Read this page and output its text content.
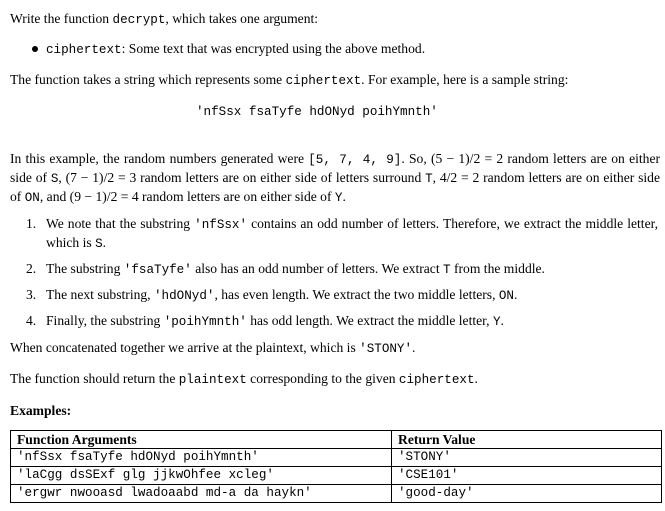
Write the function decrypt, which takes one argument:

ciphertext: Some text that was encrypted using the above method.

The function takes a string which represents some ciphertext. For example, here is a sample string:

'nfSsx fsaTyfe hdONyd poihYmnth'

In this example, the random numbers generated were [5, 7, 4, 9]. So, (5 − 1)/2 = 2 random letters are on either side of S, (7 − 1)/2 = 3 random letters are on either side of letters surround T, 4/2 = 2 random letters are on either side of ON, and (9 − 1)/2 = 4 random letters are on either side of Y.

1. We note that the substring 'nfSsx' contains an odd number of letters. Therefore, we extract the middle letter, which is S.
2. The substring 'fsaTyfe' also has an odd number of letters. We extract T from the middle.
3. The next substring, 'hdONyd', has even length. We extract the two middle letters, ON.
4. Finally, the substring 'poihYmnth' has odd length. We extract the middle letter, Y.

When concatenated together we arrive at the plaintext, which is 'STONY'.

The function should return the plaintext corresponding to the given ciphertext.

Examples:

Function Arguments	Return Value
'nfSsx fsaTyfe hdONyd poihYmnth'	'STONY'
'laCgg dsSExf glg jjkwOhfee xcleg'	'CSE101'
'ergwr nwooasd lwadoaabd md-a da haykn'	'good-day'
